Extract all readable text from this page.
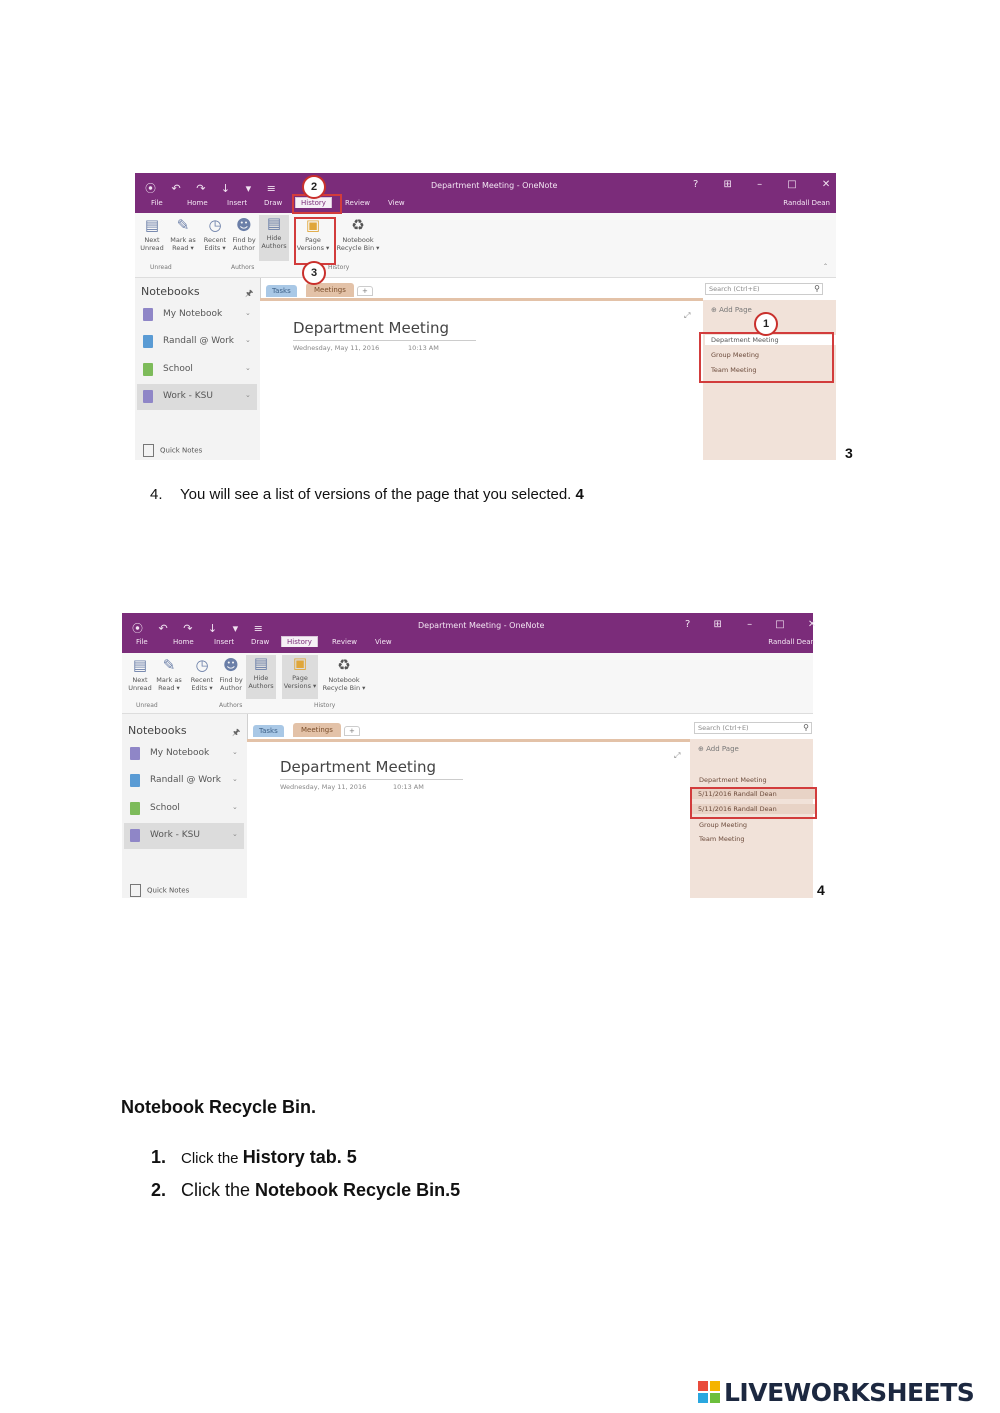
⦿ ↶ ↷ ↓ ▾ ≡	Department Meeting - OneNote	?	⊞	–	□	✕
File	Home	Insert Draw	History	Review	View	Randall Dean
▤
Next Unread
✎
Mark as Read ▾
◷
Recent Edits ▾
☻
Find by Author
▤
Hide Authors
▣
Page Versions ▾
♻
Notebook Recycle Bin ▾
Unread	Authors	History	⌃
Notebooks	🖈
My Notebook	⌄
Randall @ Work ⌄
School	⌄
Work - KSU	⌄
Quick Notes
Tasks	Meetings	+	Search (Ctrl+E)	⚲
Department Meeting
Wednesday, May 11, 2016	10:13 AM
⤢
⊕ Add Page
Department Meeting
Group Meeting
Team Meeting
2
3
1
3
4. You will see a list of versions of the page that you selected. 4
⦿ ↶ ↷ ↓ ▾ ≡	Department Meeting - OneNote	? ⊞	– □ ✕
File	Home	Insert Draw	History	Review	View	Randall Dean
▤
Next Unread
✎
Mark as Read ▾
◷
Recent Edits ▾
☻
Find by Author
▤
Hide Authors
▣
Page Versions ▾
♻
Notebook Recycle Bin ▾
Unread	Authors	History
Notebooks	🖈
My Notebook	⌄
Randall @ Work ⌄
School	⌄
Work - KSU	⌄
Quick Notes
Tasks	Meetings	+	Search (Ctrl+E)	⚲
Department Meeting
Wednesday, May 11, 2016	10:13 AM
⤢
⊕ Add Page
Department Meeting
5/11/2016 Randall Dean
5/11/2016 Randall Dean
Group Meeting
Team Meeting
4
Notebook Recycle Bin.
1. Click the History tab. 5
2. Click the Notebook Recycle Bin.5
LIVEWORKSHEETS
